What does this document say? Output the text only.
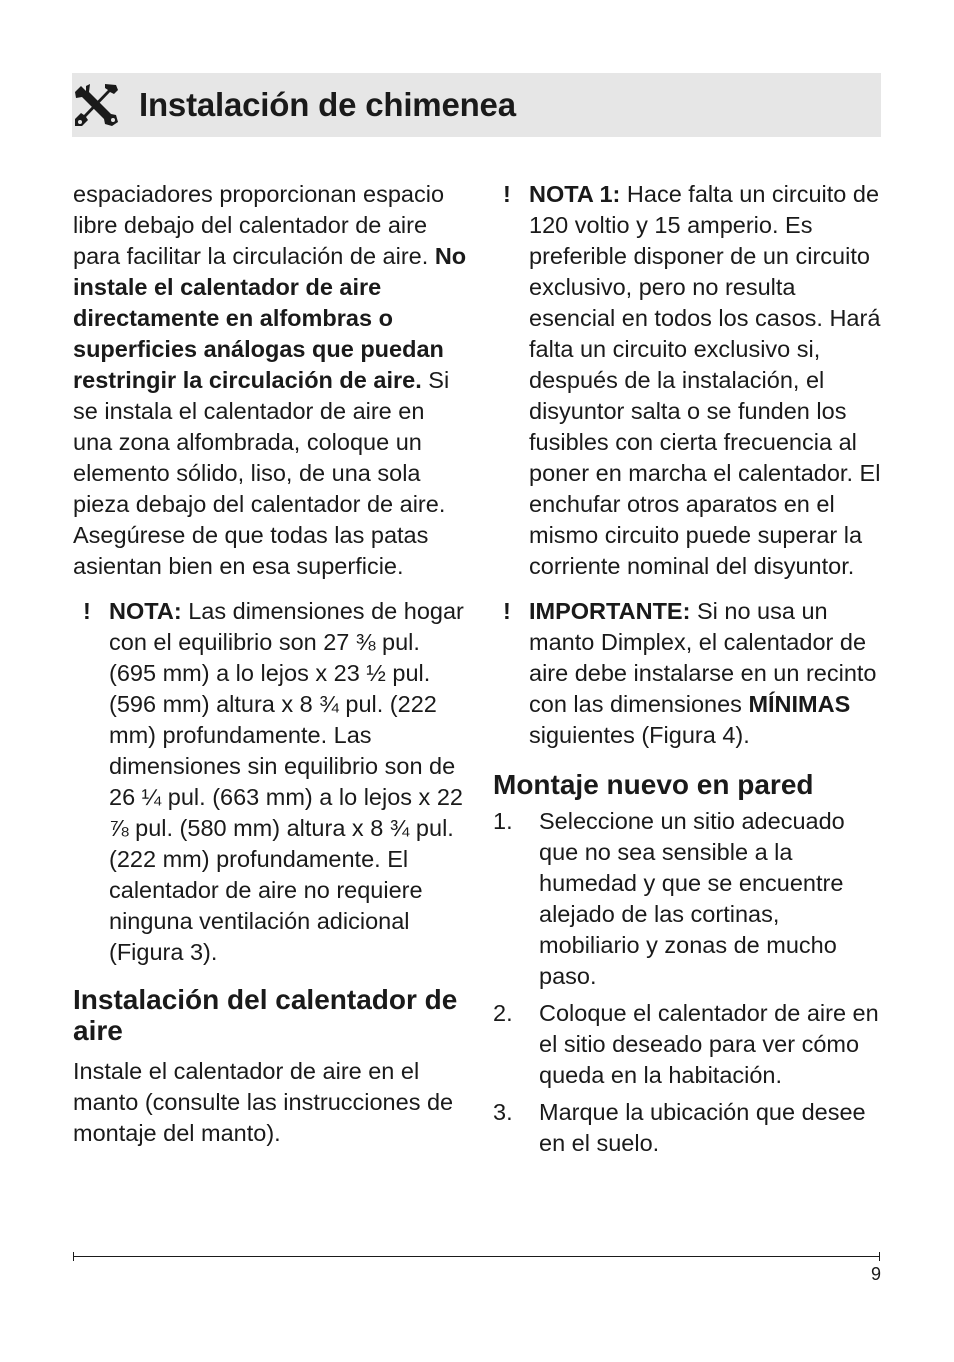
Instalación de chimenea

espaciadores proporcionan espacio libre debajo del calentador de aire para facilitar la circulación de aire. No instale el calentador de aire directamente en alfombras o superficies análogas que puedan restringir la circulación de aire. Si se instala el calentador de aire en una zona alfombrada, coloque un elemento sólido, liso, de una sola pieza debajo del calentador de aire. Asegúrese de que todas las patas asientan bien en esa superficie.

! NOTA: Las dimensiones de hogar con el equilibrio son 27 ⅜ pul. (695 mm) a lo lejos x 23 ½ pul. (596 mm) altura x 8 ¾ pul. (222 mm) profundamente. Las dimensiones sin equilibrio son de 26 ¼ pul. (663 mm) a lo lejos x 22 ⅞ pul. (580 mm) altura x 8 ¾ pul. (222 mm) profundamente. El calentador de aire no requiere ninguna ventilación adicional (Figura 3).

Instalación del calentador de aire

Instale el calentador de aire en el manto (consulte las instrucciones de montaje del manto).

! NOTA 1: Hace falta un circuito de 120 voltio y 15 amperio. Es preferible disponer de un circuito exclusivo, pero no resulta esencial en todos los casos. Hará falta un circuito exclusivo si, después de la instalación, el disyuntor salta o se funden los fusibles con cierta frecuencia al poner en marcha el calentador. El enchufar otros aparatos en el mismo circuito puede superar la corriente nominal del disyuntor.

! IMPORTANTE: Si no usa un manto Dimplex, el calentador de aire debe instalarse en un recinto con las dimensiones MÍNIMAS siguientes (Figura 4).

Montaje nuevo en pared
1. Seleccione un sitio adecuado que no sea sensible a la humedad y que se encuentre alejado de las cortinas, mobiliario y zonas de mucho paso.
2. Coloque el calentador de aire en el sitio deseado para ver cómo queda en la habitación.
3. Marque la ubicación que desee en el suelo.
9
